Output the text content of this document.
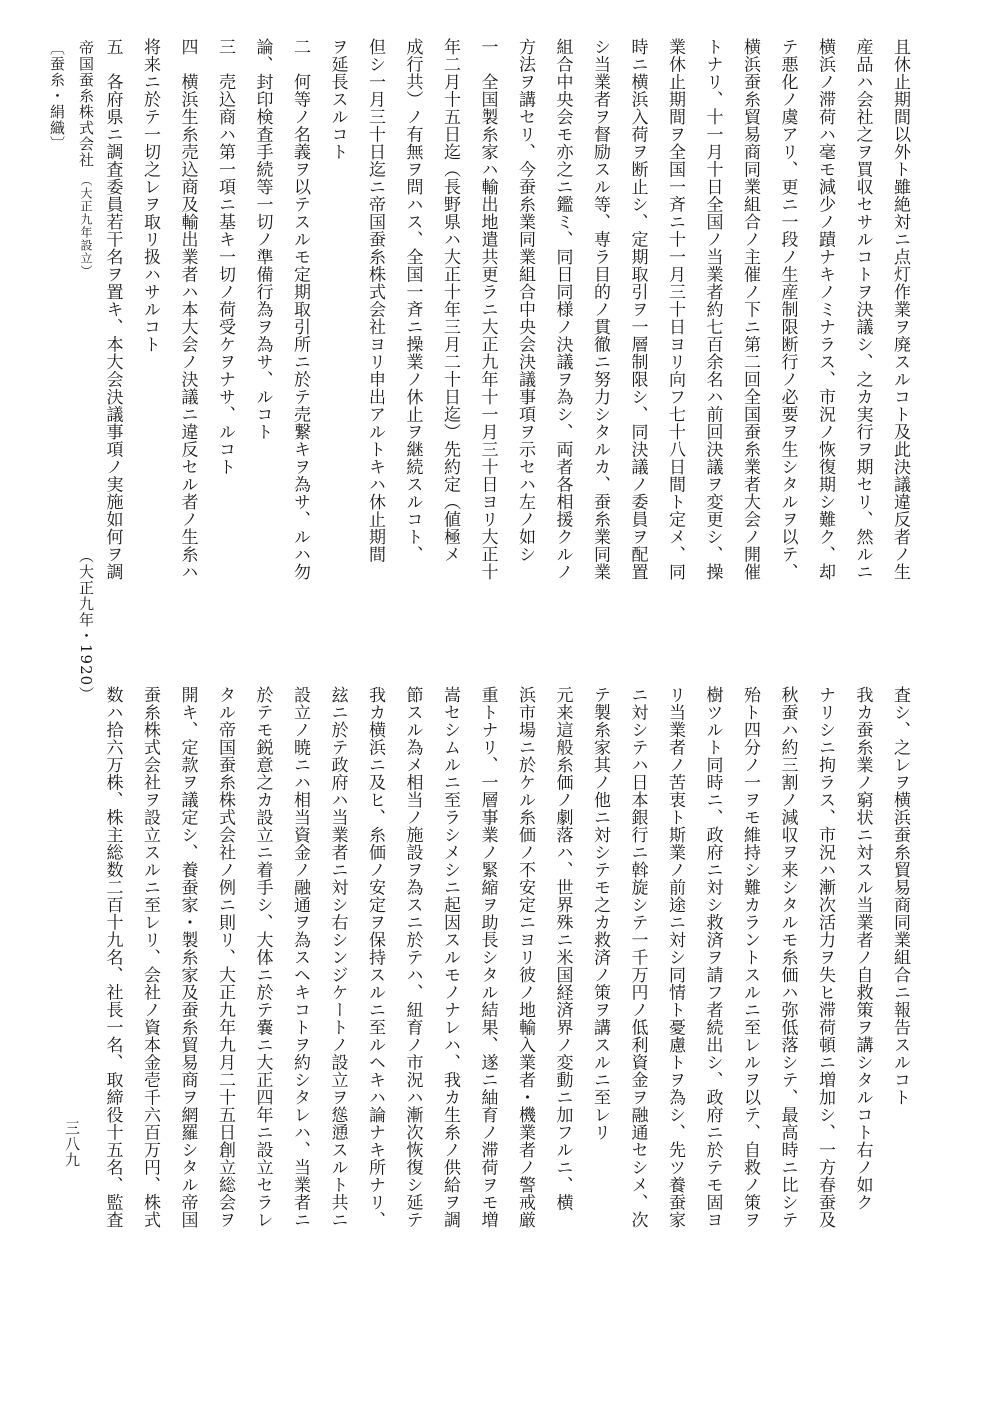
且休止期間以外ト雖絶対ニ点灯作業ヲ廃スルコト及此決議違反者ノ生

産品ハ会社之ヲ買収セサルコトヲ決議シ、之カ実行ヲ期セリ、然ルニ

横浜ノ滞荷ハ毫モ減少ノ蹟ナキノミナラス、市況ノ恢復期シ難ク、却

テ悪化ノ虞アリ、更ニ一段ノ生産制限断行ノ必要ヲ生シタルヲ以テ、

横浜蚕糸貿易商同業組合ノ主催ノ下ニ第二回全国蚕糸業者大会ノ開催

トナリ、十一月十日全国ノ当業者約七百余名ハ前回決議ヲ変更シ、操

業休止期間ヲ全国一斉ニ十一月三十日ヨリ向フ七十八日間ト定メ、同

時ニ横浜入荷ヲ断止シ、定期取引ヲ一層制限シ、同決議ノ委員ヲ配置

シ当業者ヲ督励スル等、専ラ目的ノ貫徹ニ努力シタルカ、蚕糸業同業

組合中央会モ亦之ニ鑑ミ、同日同様ノ決議ヲ為シ、両者各相援クルノ

方法ヲ講セリ、今蚕糸業同業組合中央会決議事項ヲ示セハ左ノ如シ

一　全国製糸家ハ輸出地遣共更ラニ大正九年十一月三十日ヨリ大正十

年二月十五日迄（長野県ハ大正十年三月二十日迄）先約定（値極メ

成行共）ノ有無ヲ問ハス、全国一斉ニ操業ノ休止ヲ継続スルコト、

但シ一月三十日迄ニ帝国蚕糸株式会社ヨリ申出アルトキハ休止期間

ヲ延長スルコト

二　何等ノ名義ヲ以テスルモ定期取引所ニ於テ売繋キヲ為サ、ルハ勿

論、封印検査手続等一切ノ準備行為ヲ為サ、ルコト

三　売込商ハ第一項ニ基キ一切ノ荷受ケヲナサ、ルコト

四　横浜生糸売込商及輸出業者ハ本大会ノ決議ニ違反セル者ノ生糸ハ

将来ニ於テ一切之レヲ取リ扱ハサルコト

五　各府県ニ調査委員若干名ヲ置キ、本大会決議事項ノ実施如何ヲ調

査シ、之レヲ横浜蚕糸貿易商同業組合ニ報告スルコト

我カ蚕糸業ノ窮状ニ対スル当業者ノ自救策ヲ講シタルコト右ノ如ク

ナリシニ拘ラス、市況ハ漸次活力ヲ失ヒ滞荷頓ニ増加シ、一方春蚕及

秋蚕ハ約三割ノ減収ヲ来シタルモ糸価ハ弥低落シテ、最高時ニ比シテ

殆ト四分ノ一ヲモ維持シ難カラントスルニ至レルヲ以テ、自救ノ策ヲ

樹ツルト同時ニ、政府ニ対シ救済ヲ請フ者続出シ、政府ニ於テモ固ヨ

リ当業者ノ苦衷ト斯業ノ前途ニ対シ同情ト憂慮トヲ為シ、先ツ養蚕家

ニ対シテハ日本銀行ニ斡旋シテ一千万円ノ低利資金ヲ融通セシメ、次

テ製糸家其ノ他ニ対シテモ之カ救済ノ策ヲ講スルニ至レリ

元来這般糸価ノ劇落ハ、世界殊ニ米国経済界ノ変動ニ加フルニ、横

浜市場ニ於ケル糸価ノ不安定ニヨリ彼ノ地輸入業者・機業者ノ警戒厳

重トナリ、一層事業ノ緊縮ヲ助長シタル結果、遂ニ紬育ノ滞荷ヲモ増

嵩セシムルニ至ラシメシニ起因スルモノナレハ、我カ生糸ノ供給ヲ調

節スル為メ相当ノ施設ヲ為スニ於テハ、紐育ノ市況ハ漸次恢復シ延テ

我カ横浜ニ及ヒ、糸価ノ安定ヲ保持スルニ至ルヘキハ論ナキ所ナリ、

玆ニ於テ政府ハ当業者ニ対シ右シンジケートノ設立ヲ慫慂スルト共ニ

設立ノ暁ニハ相当資金ノ融通ヲ為スヘキコトヲ約シタレハ、当業者ニ

於テモ鋭意之カ設立ニ着手シ、大体ニ於テ嚢ニ大正四年ニ設立セラレ

タル帝国蚕糸株式会社ノ例ニ則リ、大正九年九月二十五日創立総会ヲ

開キ、定款ヲ議定シ、養蚕家・製糸家及蚕糸貿易商ヲ網羅シタル帝国

蚕糸株式会社ヲ設立スルニ至レリ、会社ノ資本金壱千六百万円、株式

数ハ拾六万株、株主総数二百十九名、社長一名、取締役十五名、監査

〔蚕糸・絹織〕 帝国蚕糸株式会社 （大正九年設立）
（大正九年・1920）
三八九
